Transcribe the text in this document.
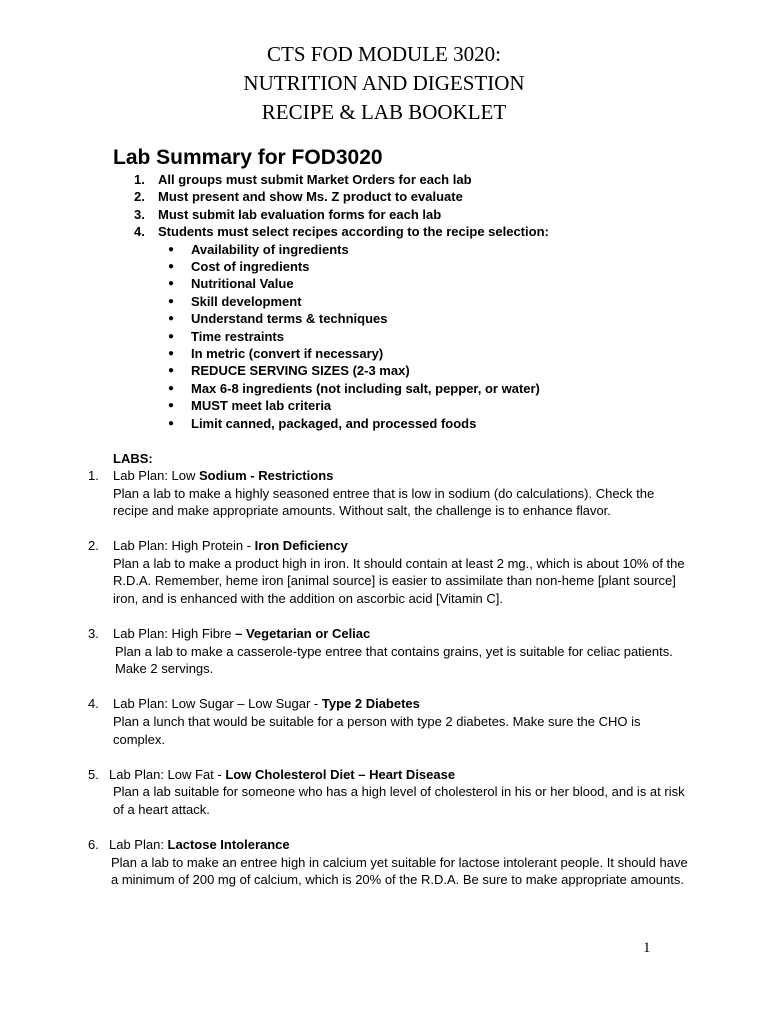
CTS FOD MODULE 3020:
NUTRITION AND DIGESTION
RECIPE & LAB BOOKLET
Lab Summary for FOD3020
1. All groups must submit Market Orders for each lab
2. Must present and show Ms. Z product to evaluate
3. Must submit lab evaluation forms for each lab
4. Students must select recipes according to the recipe selection:
● Availability of ingredients
● Cost of ingredients
● Nutritional Value
● Skill development
● Understand terms & techniques
● Time restraints
● In metric (convert if necessary)
● REDUCE SERVING SIZES (2-3 max)
● Max 6-8 ingredients (not including salt, pepper, or water)
● MUST meet lab criteria
● Limit canned, packaged, and processed foods
LABS:
1. Lab Plan: Low Sodium - Restrictions
Plan a lab to make a highly seasoned entree that is low in sodium (do calculations). Check the recipe and make appropriate amounts. Without salt, the challenge is to enhance flavor.
2. Lab Plan: High Protein - Iron Deficiency
Plan a lab to make a product high in iron. It should contain at least 2 mg., which is about 10% of the R.D.A. Remember, heme iron [animal source] is easier to assimilate than non-heme [plant source] iron, and is enhanced with the addition on ascorbic acid [Vitamin C].
3. Lab Plan: High Fibre – Vegetarian or Celiac
Plan a lab to make a casserole-type entree that contains grains, yet is suitable for celiac patients. Make 2 servings.
4. Lab Plan: Low Sugar – Low Sugar - Type 2 Diabetes
Plan a lunch that would be suitable for a person with type 2 diabetes. Make sure the CHO is complex.
5. Lab Plan: Low Fat - Low Cholesterol Diet – Heart Disease
Plan a lab suitable for someone who has a high level of cholesterol in his or her blood, and is at risk of a heart attack.
6. Lab Plan: Lactose Intolerance
Plan a lab to make an entree high in calcium yet suitable for lactose intolerant people. It should have a minimum of 200 mg of calcium, which is 20% of the R.D.A. Be sure to make appropriate amounts.
1
